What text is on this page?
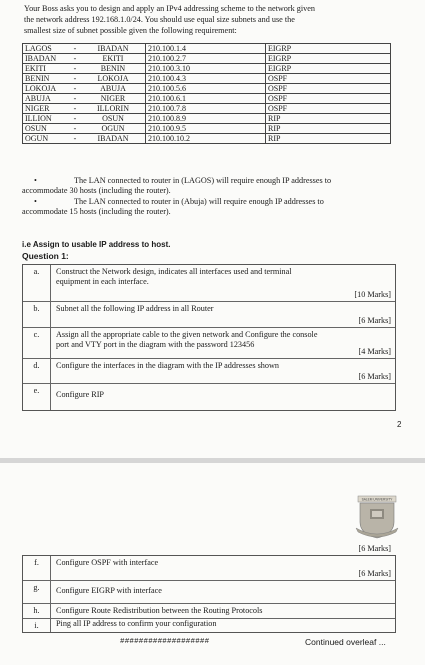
Your Boss asks you to design and apply an IPv4 addressing scheme to the network given
the network address 192.168.1.0/24. You should use equal size subnets and use the
smallest size of subnet possible given the following requirement:
LAGOS	-	IBADAN	210.100.1.4	EIGRP
IBADAN	-	EKITI	210.100.2.7	EIGRP
EKITI	-	BENIN	210.100.3.10	EIGRP
BENIN	-	LOKOJA	210.100.4.3	OSPF
LOKOJA	-	ABUJA	210.100.5.6	OSPF
ABUJA	-	NIGER	210.100.6.1	OSPF
NIGER	-	ILLORIN	210.100.7.8	OSPF
ILLION	-	OSUN	210.100.8.9	RIP
OSUN	-	OGUN	210.100.9.5	RIP
OGUN	-	IBADAN	210.100.10.2	RIP
•	The LAN connected to router in (LAGOS) will require enough IP addresses to
accommodate 30 hosts (including the router).
•	The LAN connected to router in (Abuja) will require enough IP addresses to
accommodate 15 hosts (including the router).
i.e Assign to usable IP address to host.
Question 1:
a.	Construct the Network design, indicates all interfaces used and terminal
equipment in each interface.
[10 Marks]
b.	Subnet all the following IP address in all Router
[6 Marks]
c.	Assign all the appropriate cable to the given network and Configure the console
port and VTY port in the diagram with the password 123456
[4 Marks]
d.	Configure the interfaces in the diagram with the IP addresses shown
[6 Marks]
e.	Configure RIP
2
SALEM UNIVERSITY
[6 Marks]
f.	Configure OSPF with interface
[6 Marks]
g.	Configure EIGRP with interface
h.	Configure Route Redistribution between the Routing Protocols
i.	Ping all IP address to confirm your configuration
###################	Continued overleaf ...
